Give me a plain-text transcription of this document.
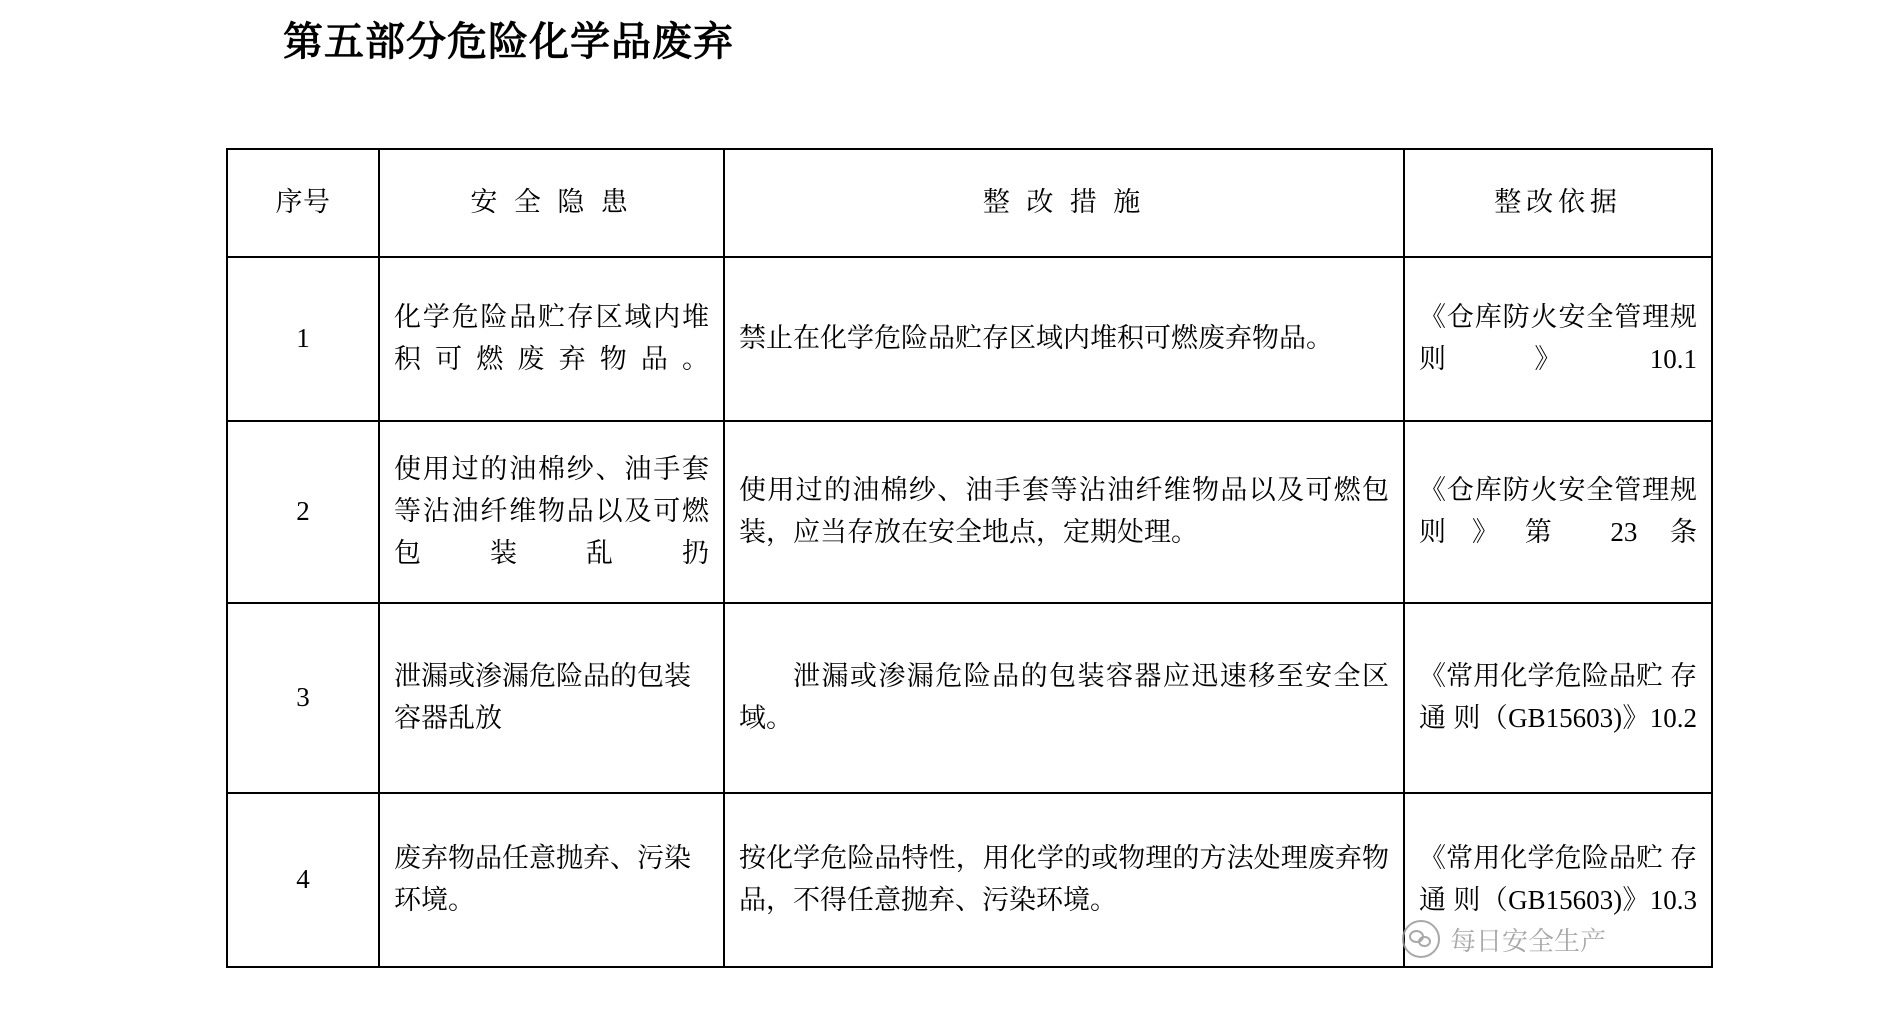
第五部分危险化学品废弃
序号	安 全 隐 患	整 改 措 施	整改依据
1	化学危险品贮存区域内堆积可燃废弃物品。	禁止在化学危险品贮存区域内堆积可燃废弃物品。	《仓库防火安全管理规则》10.1
2	使用过的油棉纱、油手套等沾油纤维物品以及可燃包装乱扔	使用过的油棉纱、油手套等沾油纤维物品以及可燃包装，应当存放在安全地点，定期处理。	《仓库防火安全管理规则》第 23 条
3	泄漏或渗漏危险品的包装容器乱放	泄漏或渗漏危险品的包装容器应迅速移至安全区域。	《常用化学危险品贮 存 通 则（GB15603)》10.2
4	废弃物品任意抛弃、污染环境。	按化学危险品特性，用化学的或物理的方法处理废弃物品，不得任意抛弃、污染环境。	《常用化学危险品贮 存 通 则（GB15603)》10.3
每日安全生产
